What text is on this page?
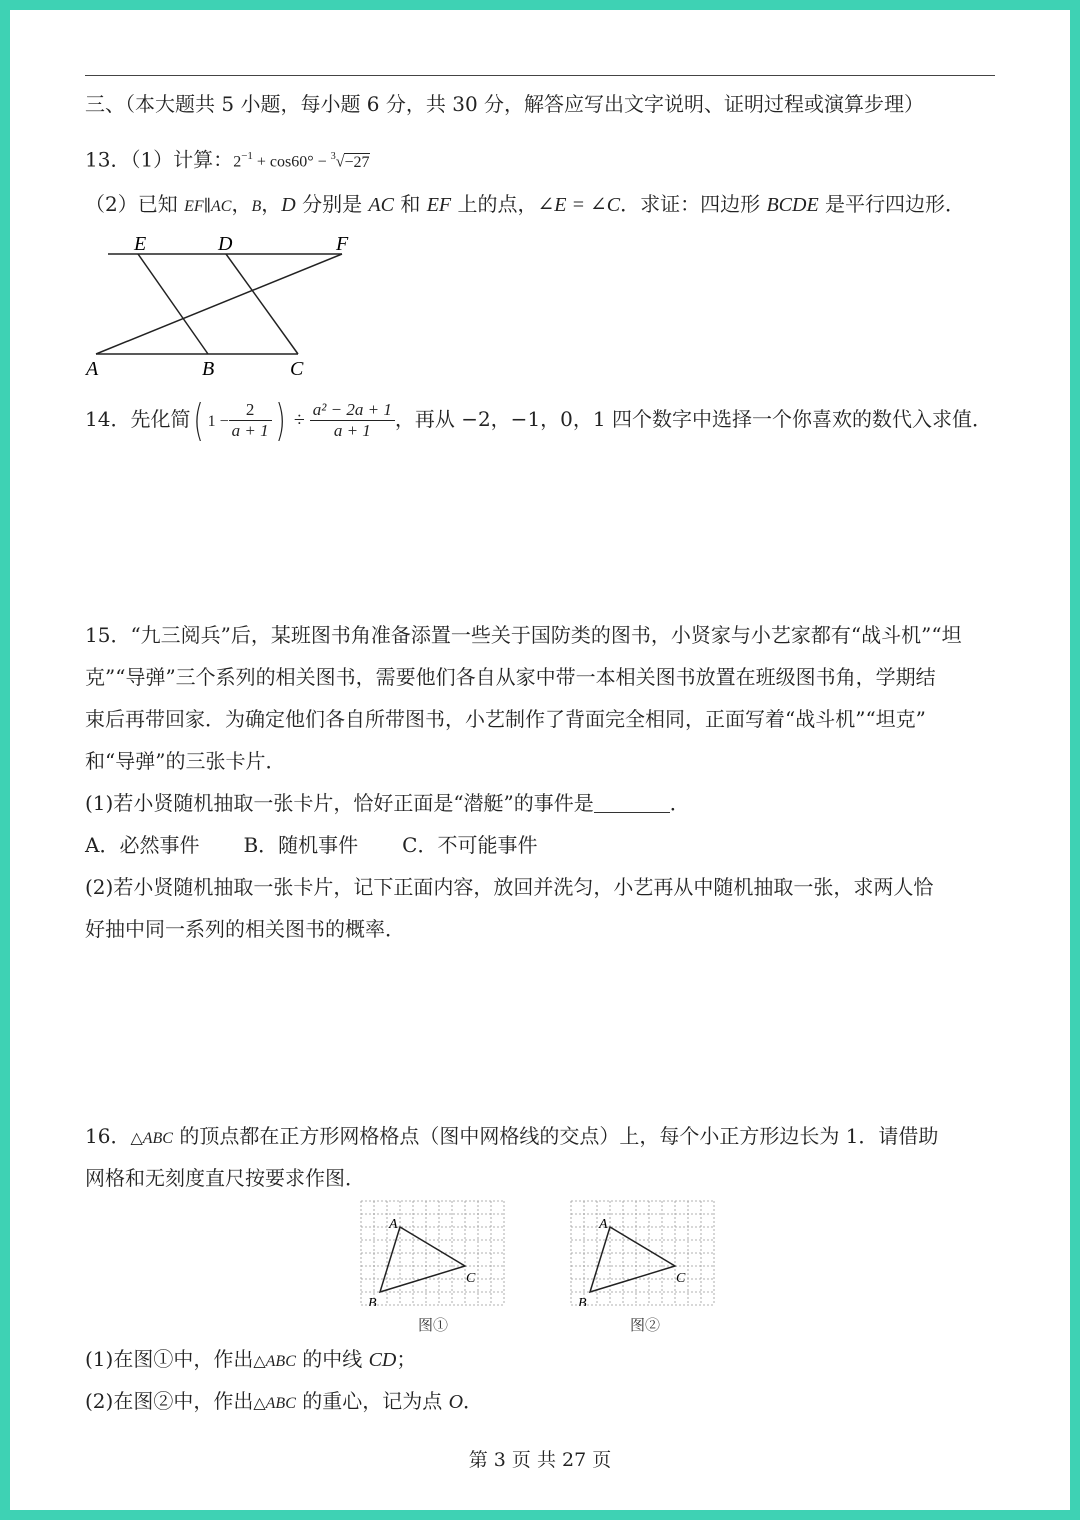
三、（本大题共 5 小题，每小题 6 分，共 30 分，解答应写出文字说明、证明过程或演算步理）
13．（1）计算：$2^{-1} + \cos 60^\circ - ^3√-27$
（2）已知 EF∥AC，B，D 分别是 AC 和 EF 上的点，∠E = ∠C．求证：四边形 BCDE 是平行四边形．
E	D	F
A	B	C
14．先化简( $1 - \frac{2}{a + 1}$ ) ÷ $\frac{\text{a² − 2a + 1}}{a + 1}$ ，再从 −2，−1，0，1 四个数字中选择一个你喜欢的数代入求值．
15．“九三阅兵”后，某班图书角准备添置一些关于国防类的图书，小贤家与小艺家都有“战斗机”“坦
克”“导弹”三个系列的相关图书，需要他们各自从家中带一本相关图书放置在班级图书角，学期结
束后再带回家．为确定他们各自所带图书，小艺制作了背面完全相同，正面写着“战斗机”“坦克”
和“导弹”的三张卡片．
(1)若小贤随机抽取一张卡片，恰好正面是“潜艇”的事件是	．
A．必然事件 B．随机事件 C．不可能事件
(2)若小贤随机抽取一张卡片，记下正面内容，放回并洗匀，小艺再从中随机抽取一张，求两人恰
好抽中同一系列的相关图书的概率．
16．△ABC 的顶点都在正方形网格格点（图中网格线的交点）上，每个小正方形边长为 1．请借助
网格和无刻度直尺按要求作图．
A
B
C
图①
A
B
C
图②
(1)在图①中，作出△ABC 的中线 CD；
(2)在图②中，作出△ABC 的重心，记为点 O．
第 3 页 共 27 页
